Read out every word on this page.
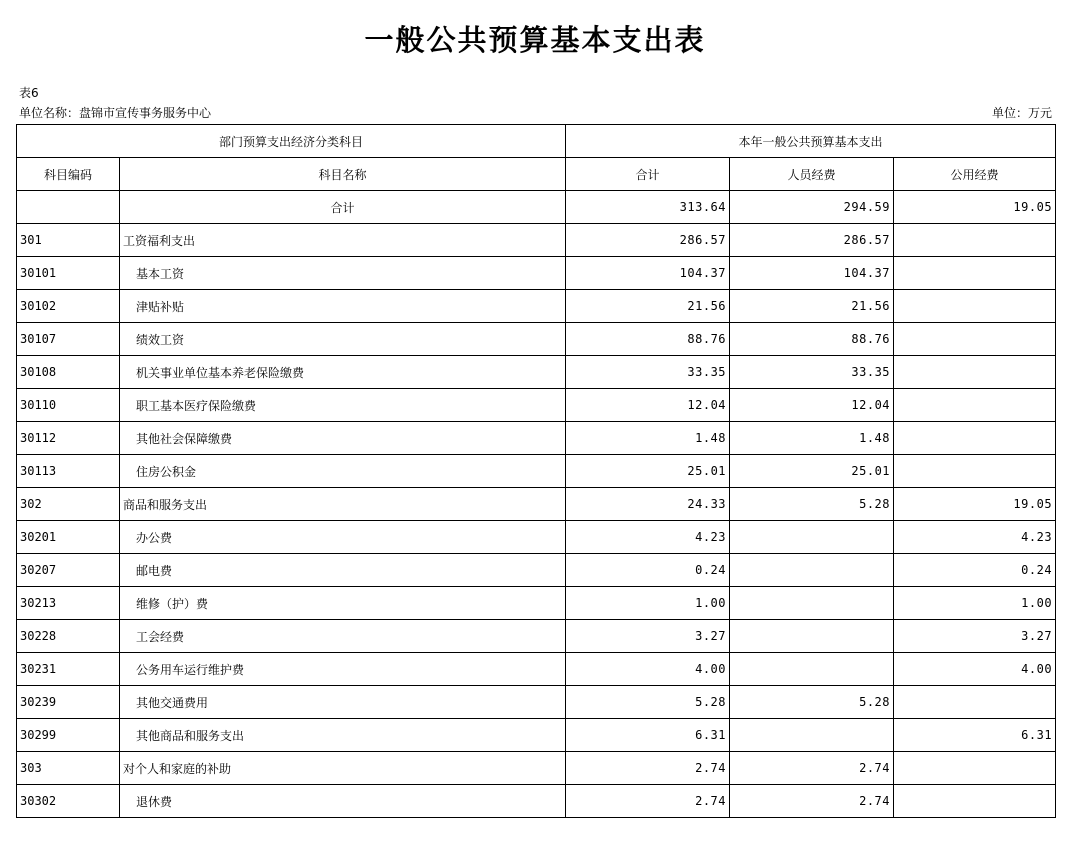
一般公共预算基本支出表
表6
单位名称：盘锦市宣传事务服务中心	单位：万元
部门预算支出经济分类科目		本年一般公共预算基本支出		
科目编码	科目名称	合计	人员经费	公用经费
	合计	313.64	294.59	19.05
301	工资福利支出	286.57	286.57	
30101	基本工资	104.37	104.37	
30102	津贴补贴	21.56	21.56	
30107	绩效工资	88.76	88.76	
30108	机关事业单位基本养老保险缴费	33.35	33.35	
30110	职工基本医疗保险缴费	12.04	12.04	
30112	其他社会保障缴费	1.48	1.48	
30113	住房公积金	25.01	25.01	
302	商品和服务支出	24.33	5.28	19.05
30201	办公费	4.23		4.23
30207	邮电费	0.24		0.24
30213	维修（护）费	1.00		1.00
30228	工会经费	3.27		3.27
30231	公务用车运行维护费	4.00		4.00
30239	其他交通费用	5.28	5.28	
30299	其他商品和服务支出	6.31		6.31
303	对个人和家庭的补助	2.74	2.74	
30302	退休费	2.74	2.74	
